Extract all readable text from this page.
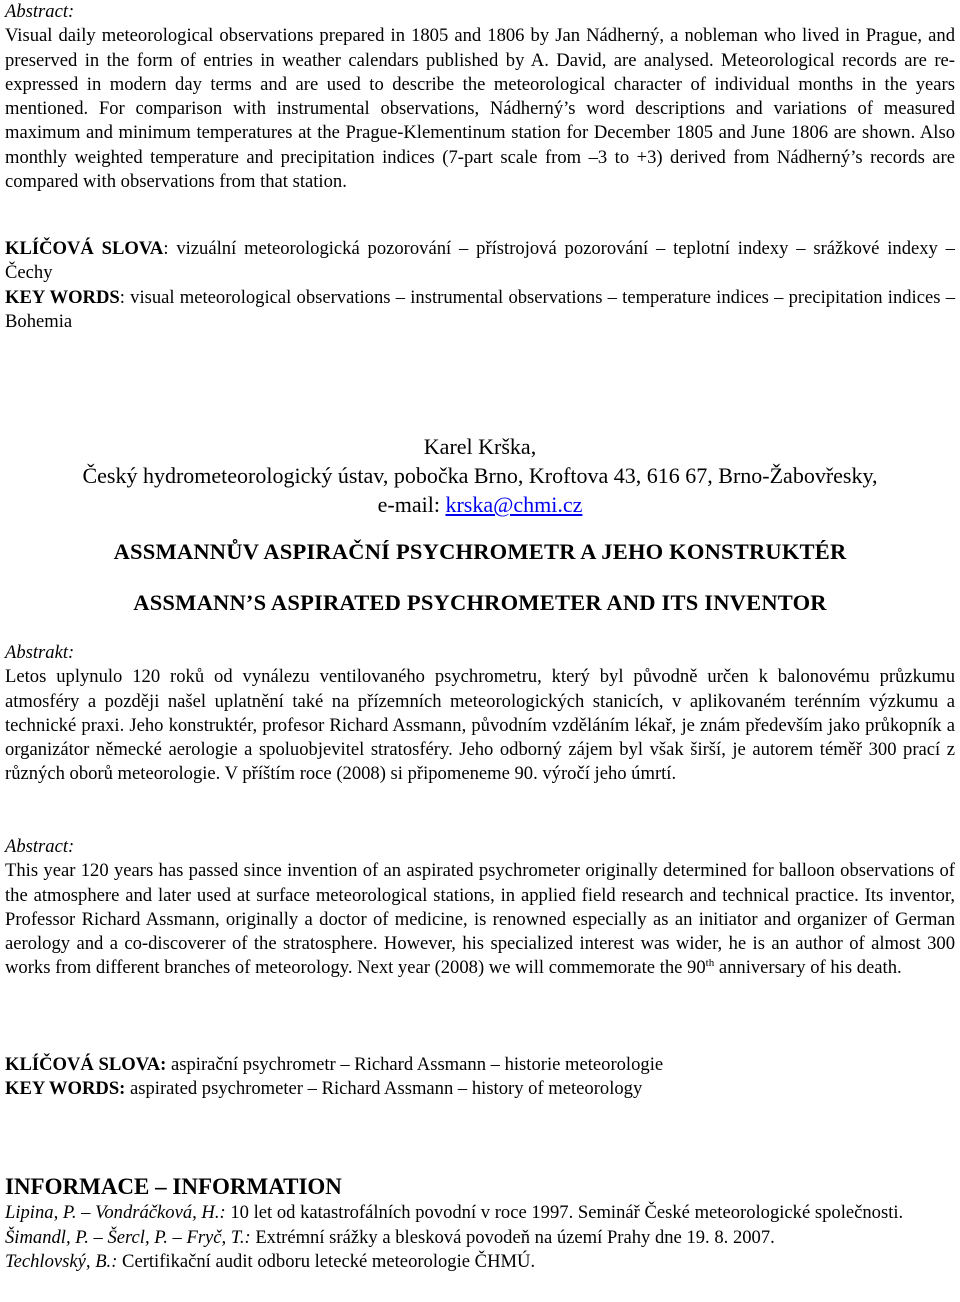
Abstract:

Visual daily meteorological observations prepared in 1805 and 1806 by Jan Nádherný, a nobleman who lived in Prague, and preserved in the form of entries in weather calendars published by A. David, are analysed. Meteorological records are re-expressed in modern day terms and are used to describe the meteorological character of individual months in the years mentioned. For comparison with instrumental observations, Nádherný’s word descriptions and variations of measured maximum and minimum temperatures at the Prague-Klementinum station for December 1805 and June 1806 are shown. Also monthly weighted temperature and precipitation indices (7-part scale from –3 to +3) derived from Nádherný’s records are compared with observations from that station.

KLÍČOVÁ SLOVA: vizuální meteorologická pozorování – přístrojová pozorování – teplotní indexy – srážkové indexy – Čechy

KEY WORDS: visual meteorological observations – instrumental observations – temperature indices – precipitation indices – Bohemia

Karel Krška,
Český hydrometeorologický ústav, pobočka Brno, Kroftova 43, 616 67, Brno-Žabovřesky,
e-mail: krska@chmi.cz
ASSMANNŮV ASPIRAČNÍ PSYCHROMETR A JEHO KONSTRUKTÉR
ASSMANN’S ASPIRATED PSYCHROMETER AND ITS INVENTOR
Abstrakt:

Letos uplynulo 120 roků od vynálezu ventilovaného psychrometru, který byl původně určen k balonovému průzkumu atmosféry a později našel uplatnění také na přízemních meteorologických stanicích, v aplikovaném terénním výzkumu a technické praxi. Jeho konstruktér, profesor Richard Assmann, původním vzděláním lékař, je znám především jako průkopník a organizátor německé aerologie a spoluobjevitel stratosféry. Jeho odborný zájem byl však širší, je autorem téměř 300 prací z různých oborů meteorologie. V příštím roce (2008) si připomeneme 90. výročí jeho úmrtí.

Abstract:

This year 120 years has passed since invention of an aspirated psychrometer originally determined for balloon observations of the atmosphere and later used at surface meteorological stations, in applied field research and technical practice. Its inventor, Professor Richard Assmann, originally a doctor of medicine, is renowned especially as an initiator and organizer of German aerology and a co-discoverer of the stratosphere. However, his specialized interest was wider, he is an author of almost 300 works from different branches of meteorology. Next year (2008) we will commemorate the 90th anniversary of his death.

KLÍČOVÁ SLOVA: aspirační psychrometr – Richard Assmann – historie meteorologie

KEY WORDS: aspirated psychrometer – Richard Assmann – history of meteorology

INFORMACE – INFORMATION

Lipina, P. – Vondráčková, H.: 10 let od katastrofálních povodní v roce 1997. Seminář České meteorologické společnosti.

Šimandl, P. – Šercl, P. – Fryč, T.: Extrémní srážky a blesková povodeň na území Prahy dne 19. 8. 2007.

Techlovský, B.: Certifikační audit odboru letecké meteorologie ČHMÚ.
